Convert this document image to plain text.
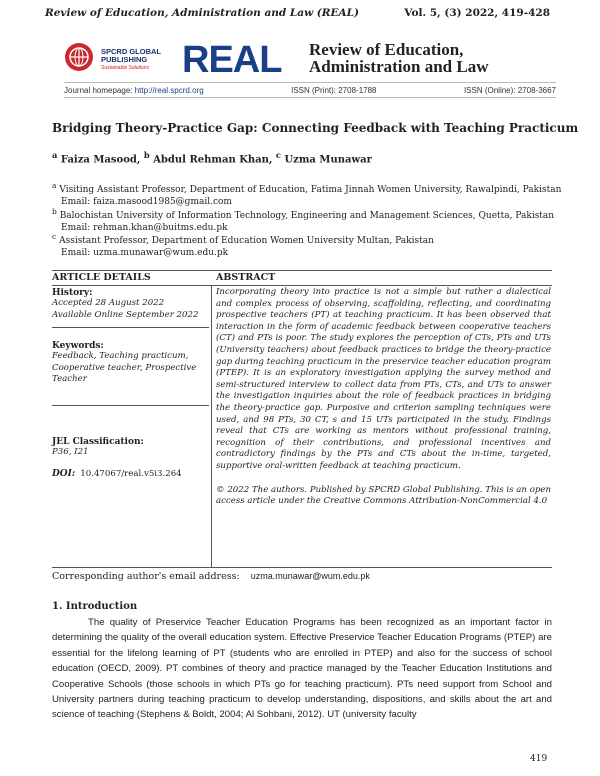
Review of Education, Administration and Law (REAL)	Vol. 5, (3) 2022, 419-428
SPCRD GLOBAL
PUBLISHING
Sustainable Solutions REAL Review of Education,
Administration and Law
Journal homepage: http://real.spcrd.org	ISSN (Print): 2708-1788	ISSN (Online): 2708-3667
Bridging Theory-Practice Gap: Connecting Feedback with Teaching Practicum
$^a$ Faiza Masood, $^b$ Abdul Rehman Khan, $^c$ Uzma Munawar
$^a$ Visiting Assistant Professor, Department of Education, Fatima Jinnah Women University, Rawalpindi, Pakistan
Email: faiza.masood1985@gmail.com
$^b$ Balochistan University of Information Technology, Engineering and Management Sciences, Quetta, Pakistan
Email: rehman.khan@buitms.edu.pk
$^c$ Assistant Professor, Department of Education Women University Multan, Pakistan
Email: uzma.munawar@wum.edu.pk
ARTICLE DETAILS	ABSTRACT
History:
Accepted 28 August 2022
Available Online September 2022
Keywords:
Feedback, Teaching practicum, Cooperative teacher, Prospective Teacher
JEL Classification:
P36, I21
DOI: 10.47067/real.v5i3.264
Incorporating theory into practice is not a simple but rather a dialectical and complex process of observing, scaffolding, reflecting, and coordinating prospective teachers (PT) at teaching practicum. It has been observed that interaction in the form of academic feedback between cooperative teachers (CT) and PTs is poor. The study explores the perception of CTs, PTs and UTs (University teachers) about feedback practices to bridge the theory-practice gap during teaching practicum in the preservice teacher education program (PTEP). It is an exploratory investigation applying the survey method and semi-structured interview to collect data from PTs, CTs, and UTs to answer the investigation inquiries about the role of feedback practices in bridging the theory-practice gap. Purposive and criterion sampling techniques were used, and 98 PTs, 30 CT, s and 15 UTs participated in the study. Findings reveal that CTs are working as mentors without professional training, recognition of their contributions, and professional incentives and contradictory findings by the PTs and CTs about the in-time, targeted, supportive oral-written feedback at teaching practicum.
© 2022 The authors. Published by SPCRD Global Publishing. This is an open access article under the Creative Commons Attribution-NonCommercial 4.0
Corresponding author's email address: uzma.munawar@wum.edu.pk
1. Introduction
The quality of Preservice Teacher Education Programs has been recognized as an important factor in determining the quality of the overall education system. Effective Preservice Teacher Education Programs (PTEP) are essential for the lifelong learning of PT (students who are enrolled in PTEP) and also for the success of school education (OECD, 2009). PT combines of theory and practice managed by the Teacher Education Institutions and Cooperative Schools (those schools in which PTs go for teaching practicum). PTs need support from School and University partners during teaching practicum to develop understanding, dispositions, and skills about the art and science of teaching (Stephens & Boldt, 2004; Al Sohbani, 2012). UT (university faculty
419
